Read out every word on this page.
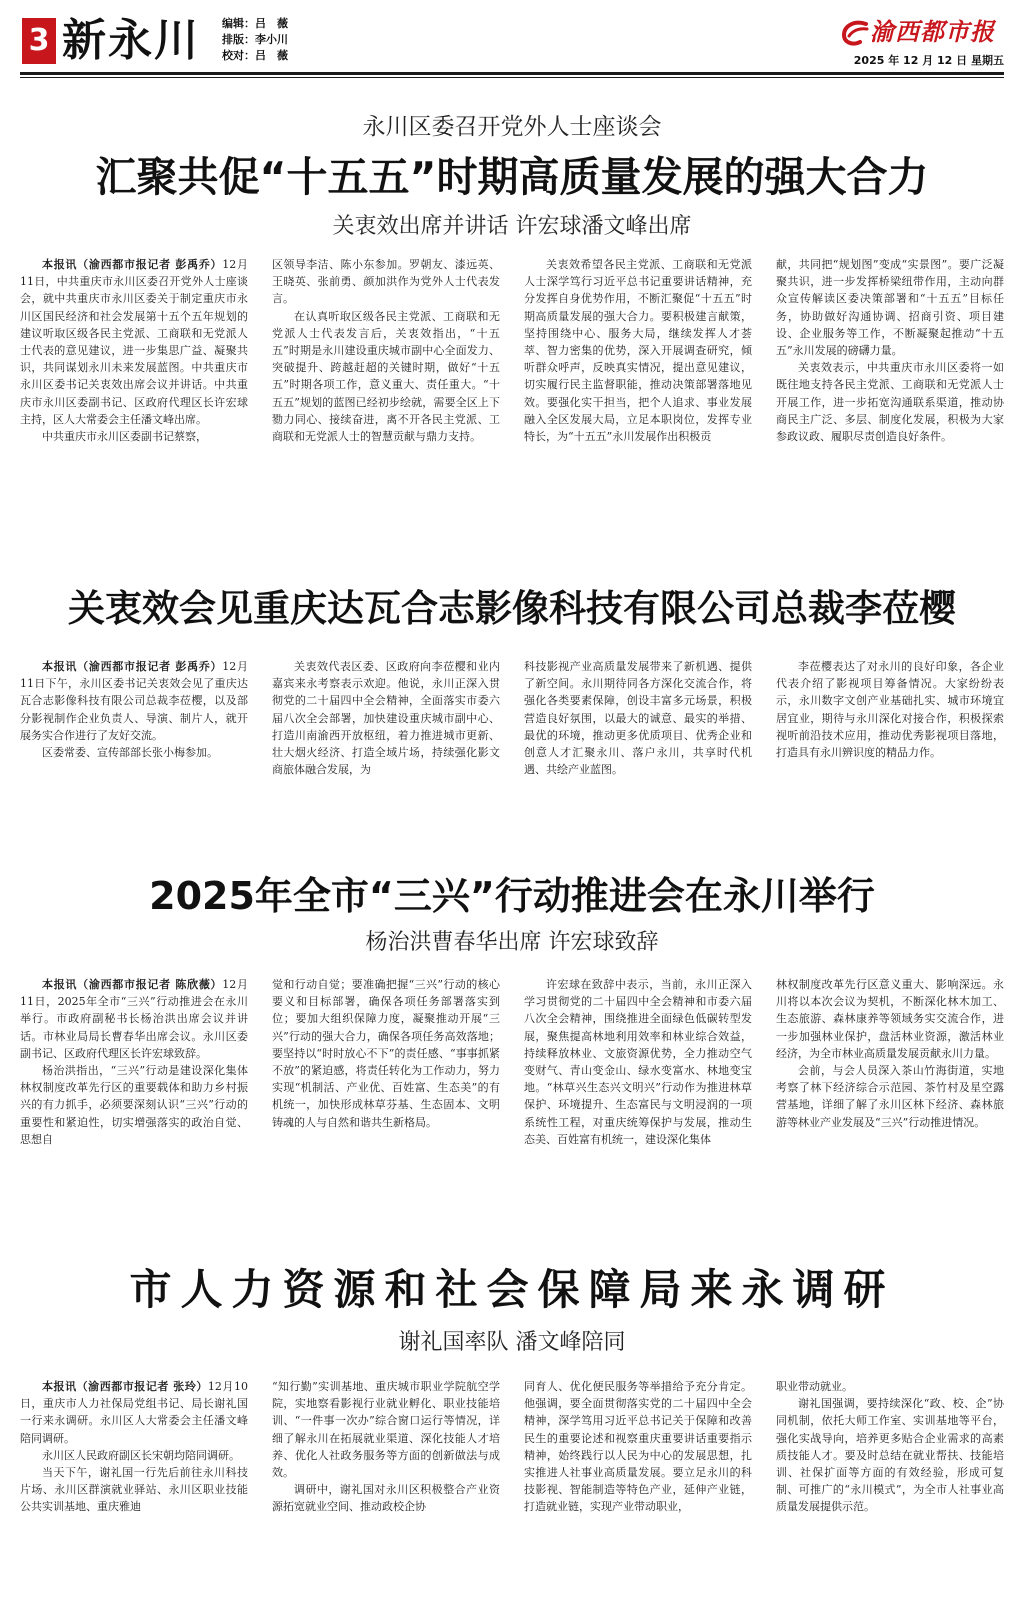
3 新永川 编辑：吕　薇
排版：李小川
校对：吕　薇
渝西都市报
2025 年 12 月 12 日 星期五
永川区委召开党外人士座谈会
汇聚共促“十五五”时期高质量发展的强大合力
关衷效出席并讲话 许宏球潘文峰出席

本报讯（渝西都市报记者 彭禹乔）12月11日，中共重庆市永川区委召开党外人士座谈会，就中共重庆市永川区委关于制定重庆市永川区国民经济和社会发展第十五个五年规划的建议听取区级各民主党派、工商联和无党派人士代表的意见建议，进一步集思广益、凝聚共识，共同谋划永川未来发展蓝图。中共重庆市永川区委书记关衷效出席会议并讲话。中共重庆市永川区委副书记、区政府代理区长许宏球主持，区人大常委会主任潘文峰出席。

中共重庆市永川区委副书记蔡察，

区领导李洁、陈小东参加。罗朝友、漆远英、王晓英、张前勇、颜加洪作为党外人士代表发言。

在认真听取区级各民主党派、工商联和无党派人士代表发言后，关衷效指出，“十五五”时期是永川建设重庆城市副中心全面发力、突破提升、跨越赶超的关键时期，做好“十五五”时期各项工作，意义重大、责任重大。“十五五”规划的蓝图已经初步绘就，需要全区上下勠力同心、接续奋进，离不开各民主党派、工商联和无党派人士的智慧贡献与鼎力支持。

关衷效希望各民主党派、工商联和无党派人士深学笃行习近平总书记重要讲话精神，充分发挥自身优势作用，不断汇聚促“十五五”时期高质量发展的强大合力。要积极建言献策，坚持围绕中心、服务大局，继续发挥人才荟萃、智力密集的优势，深入开展调查研究，倾听群众呼声，反映真实情况，提出意见建议，切实履行民主监督职能，推动决策部署落地见效。要强化实干担当，把个人追求、事业发展融入全区发展大局，立足本职岗位，发挥专业特长，为“十五五”永川发展作出积极贡

献，共同把“规划图”变成“实景图”。要广泛凝聚共识，进一步发挥桥梁纽带作用，主动向群众宣传解读区委决策部署和“十五五”目标任务，协助做好沟通协调、招商引资、项目建设、企业服务等工作，不断凝聚起推动“十五五”永川发展的磅礴力量。

关衷效表示，中共重庆市永川区委将一如既往地支持各民主党派、工商联和无党派人士开展工作，进一步拓宽沟通联系渠道，推动协商民主广泛、多层、制度化发展，积极为大家参政议政、履职尽责创造良好条件。

关衷效会见重庆达瓦合志影像科技有限公司总裁李莅樱

本报讯（渝西都市报记者 彭禹乔）12月11日下午，永川区委书记关衷效会见了重庆达瓦合志影像科技有限公司总裁李莅樱，以及部分影视制作企业负责人、导演、制片人，就开展务实合作进行了友好交流。

区委常委、宣传部部长张小梅参加。

关衷效代表区委、区政府向李莅樱和业内嘉宾来永考察表示欢迎。他说，永川正深入贯彻党的二十届四中全会精神，全面落实市委六届八次全会部署，加快建设重庆城市副中心、打造川南渝西开放枢纽，着力推进城市更新、壮大烟火经济、打造全域片场，持续强化影文商旅体融合发展，为

科技影视产业高质量发展带来了新机遇、提供了新空间。永川期待同各方深化交流合作，将强化各类要素保障，创设丰富多元场景，积极营造良好氛围，以最大的诚意、最实的举措、最优的环境，推动更多优质项目、优秀企业和创意人才汇聚永川、落户永川，共享时代机遇、共绘产业蓝图。

李莅樱表达了对永川的良好印象，各企业代表介绍了影视项目筹备情况。大家纷纷表示，永川数字文创产业基础扎实、城市环境宜居宜业，期待与永川深化对接合作，积极探索视听前沿技术应用，推动优秀影视项目落地，打造具有永川辨识度的精品力作。

2025年全市“三兴”行动推进会在永川举行
杨治洪曹春华出席 许宏球致辞

本报讯（渝西都市报记者 陈欣薇）12月11日，2025年全市“三兴”行动推进会在永川举行。市政府副秘书长杨治洪出席会议并讲话。市林业局局长曹春华出席会议。永川区委副书记、区政府代理区长许宏球致辞。

杨治洪指出，“三兴”行动是建设深化集体林权制度改革先行区的重要载体和助力乡村振兴的有力抓手，必须要深刻认识“三兴”行动的重要性和紧迫性，切实增强落实的政治自觉、思想自

觉和行动自觉；要准确把握“三兴”行动的核心要义和目标部署，确保各项任务部署落实到位；要加大组织保障力度，凝聚推动开展“三兴”行动的强大合力，确保各项任务高效落地；要坚持以“时时放心不下”的责任感、“事事抓紧不放”的紧迫感，将责任转化为工作动力，努力实现“机制活、产业优、百姓富、生态美”的有机统一，加快形成林草芬基、生态固本、文明铸魂的人与自然和谐共生新格局。

许宏球在致辞中表示，当前，永川正深入学习贯彻党的二十届四中全会精神和市委六届八次全会精神，围绕推进全面绿色低碳转型发展，聚焦提高林地利用效率和林业综合效益，持续释放林业、文旅资源优势，全力推动空气变财气、青山变金山、绿水变富水、林地变宝地。“林草兴生态兴文明兴”行动作为推进林草保护、环境提升、生态富民与文明浸润的一项系统性工程，对重庆统筹保护与发展，推动生态美、百姓富有机统一，建设深化集体

林权制度改革先行区意义重大、影响深远。永川将以本次会议为契机，不断深化林木加工、生态旅游、森林康养等领域务实交流合作，进一步加强林业保护，盘活林业资源，激活林业经济，为全市林业高质量发展贡献永川力量。

会前，与会人员深入茶山竹海街道，实地考察了林下经济综合示范园、茶竹村及星空露营基地，详细了解了永川区林下经济、森林旅游等林业产业发展及“三兴”行动推进情况。

市人力资源和社会保障局来永调研
谢礼国率队 潘文峰陪同

本报讯（渝西都市报记者 张玲）12月10日，重庆市人力社保局党组书记、局长谢礼国一行来永调研。永川区人大常委会主任潘文峰陪同调研。

永川区人民政府副区长宋朝均陪同调研。

当天下午，谢礼国一行先后前往永川科技片场、永川区群演就业驿站、永川区职业技能公共实训基地、重庆雅迪

“知行勤”实训基地、重庆城市职业学院航空学院，实地察看影视行业就业孵化、职业技能培训、“一件事一次办”综合窗口运行等情况，详细了解永川在拓展就业渠道、深化技能人才培养、优化人社政务服务等方面的创新做法与成效。

调研中，谢礼国对永川区积极整合产业资源拓宽就业空间、推动政校企协

同育人、优化便民服务等举措给予充分肯定。他强调，要全面贯彻落实党的二十届四中全会精神，深学笃用习近平总书记关于保障和改善民生的重要论述和视察重庆重要讲话重要指示精神，始终践行以人民为中心的发展思想，扎实推进人社事业高质量发展。要立足永川的科技影视、智能制造等特色产业，延伸产业链，打造就业链，实现产业带动职业，

职业带动就业。

谢礼国强调，要持续深化“政、校、企”协同机制，依托大师工作室、实训基地等平台，强化实战导向，培养更多贴合企业需求的高素质技能人才。要及时总结在就业帮扶、技能培训、社保扩面等方面的有效经验，形成可复制、可推广的“永川模式”，为全市人社事业高质量发展提供示范。
